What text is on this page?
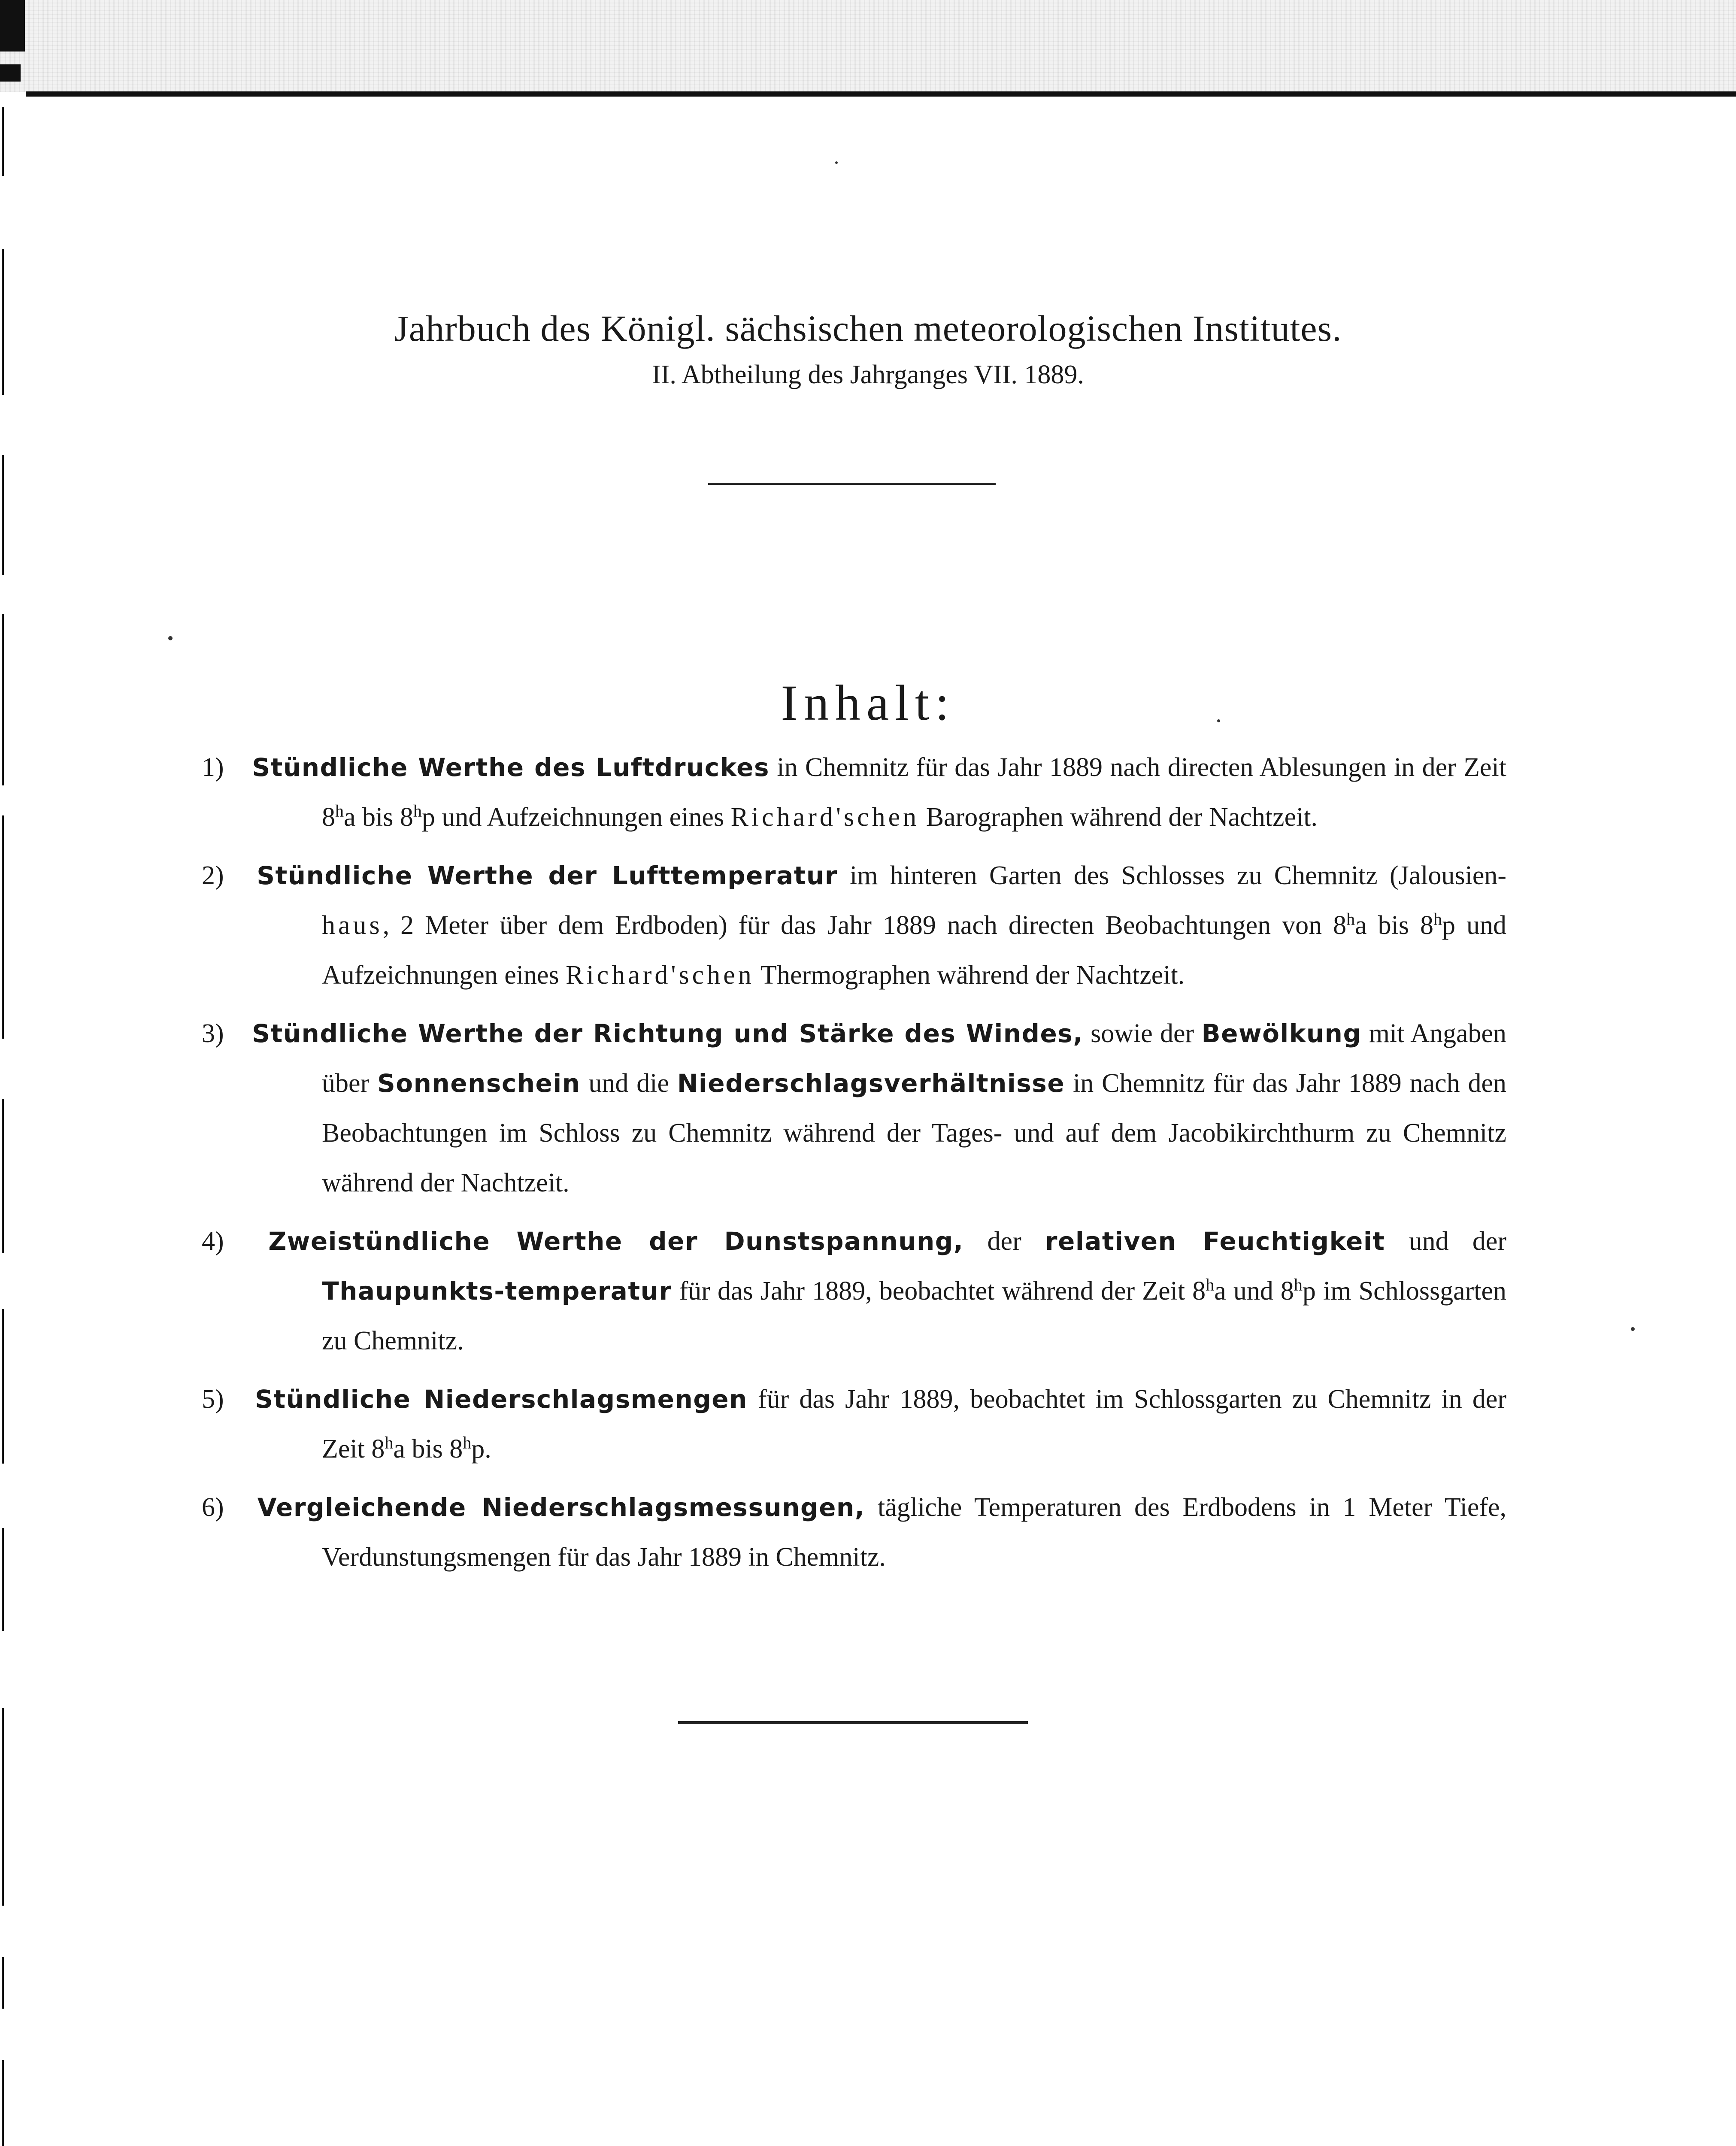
Jahrbuch des Königl. sächsischen meteorologischen Institutes.
II. Abtheilung des Jahrganges VII. 1889.
Inhalt:
1) Stündliche Werthe des Luftdruckes in Chemnitz für das Jahr 1889 nach directen Ablesungen in der Zeit 8$^h$a bis 8$^h$p und Aufzeichnungen eines Richard'schen Barographen während der Nachtzeit.
2) Stündliche Werthe der Lufttemperatur im hinteren Garten des Schlosses zu Chemnitz (Jalousien- haus, 2 Meter über dem Erdboden) für das Jahr 1889 nach directen Beobachtungen von 8$^h$a bis 8$^h$p und Aufzeichnungen eines Richard'schen Thermographen während der Nachtzeit.
3) Stündliche Werthe der Richtung und Stärke des Windes, sowie der Bewölkung mit Angaben über Sonnenschein und die Niederschlagsverhältnisse in Chemnitz für das Jahr 1889 nach den Beobachtungen im Schloss zu Chemnitz während der Tages- und auf dem Jacobikirchthurm zu Chemnitz während der Nachtzeit.
4) Zweistündliche Werthe der Dunstspannung, der relativen Feuchtigkeit und der Thaupunkts-temperatur für das Jahr 1889, beobachtet während der Zeit 8$^h$a und 8$^h$p im Schlossgarten zu Chemnitz.
5) Stündliche Niederschlagsmengen für das Jahr 1889, beobachtet im Schlossgarten zu Chemnitz in der Zeit 8$^h$a bis 8$^h$p.
6) Vergleichende Niederschlagsmessungen, tägliche Temperaturen des Erdbodens in 1 Meter Tiefe, Verdunstungsmengen für das Jahr 1889 in Chemnitz.
